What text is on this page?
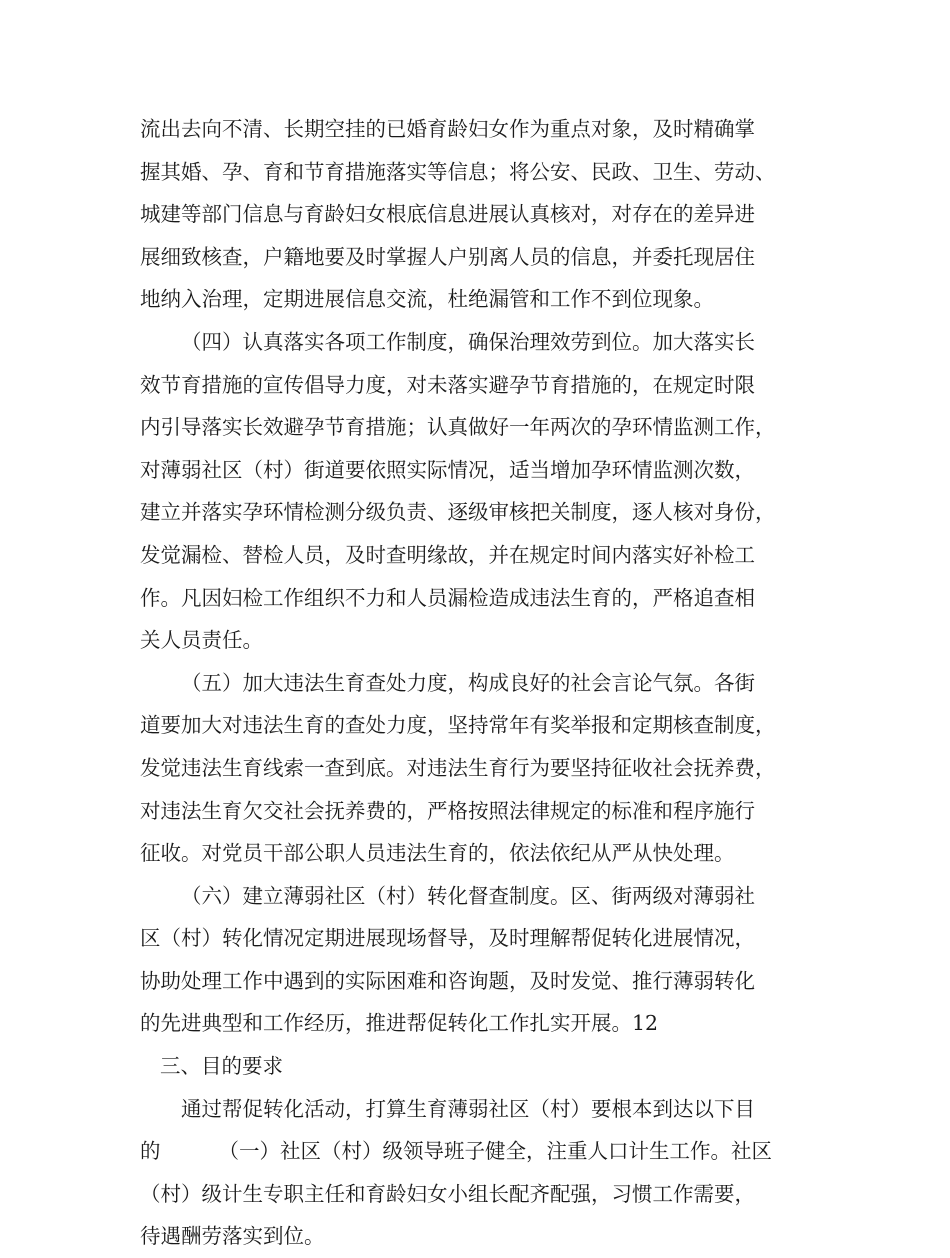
流出去向不清、长期空挂的已婚育龄妇女作为重点对象，及时精确掌
握其婚、孕、育和节育措施落实等信息；将公安、民政、卫生、劳动、
城建等部门信息与育龄妇女根底信息进展认真核对，对存在的差异进
展细致核查，户籍地要及时掌握人户别离人员的信息，并委托现居住
地纳入治理，定期进展信息交流，杜绝漏管和工作不到位现象。
（四）认真落实各项工作制度，确保治理效劳到位。加大落实长
效节育措施的宣传倡导力度，对未落实避孕节育措施的，在规定时限
内引导落实长效避孕节育措施；认真做好一年两次的孕环情监测工作，
对薄弱社区（村）街道要依照实际情况，适当增加孕环情监测次数，
建立并落实孕环情检测分级负责、逐级审核把关制度，逐人核对身份，
发觉漏检、替检人员，及时查明缘故，并在规定时间内落实好补检工
作。凡因妇检工作组织不力和人员漏检造成违法生育的，严格追查相
关人员责任。
（五）加大违法生育查处力度，构成良好的社会言论气氛。各街
道要加大对违法生育的查处力度，坚持常年有奖举报和定期核查制度，
发觉违法生育线索一查到底。对违法生育行为要坚持征收社会抚养费，
对违法生育欠交社会抚养费的，严格按照法律规定的标准和程序施行
征收。对党员干部公职人员违法生育的，依法依纪从严从快处理。
（六）建立薄弱社区（村）转化督查制度。区、街两级对薄弱社
区（村）转化情况定期进展现场督导，及时理解帮促转化进展情况，
协助处理工作中遇到的实际困难和咨询题，及时发觉、推行薄弱转化
的先进典型和工作经历，推进帮促转化工作扎实开展。12
三、目的要求
通过帮促转化活动，打算生育薄弱社区（村）要根本到达以下目
的	（一）社区（村）级领导班子健全，注重人口计生工作。社区
（村）级计生专职主任和育龄妇女小组长配齐配强，习惯工作需要，
待遇酬劳落实到位。
